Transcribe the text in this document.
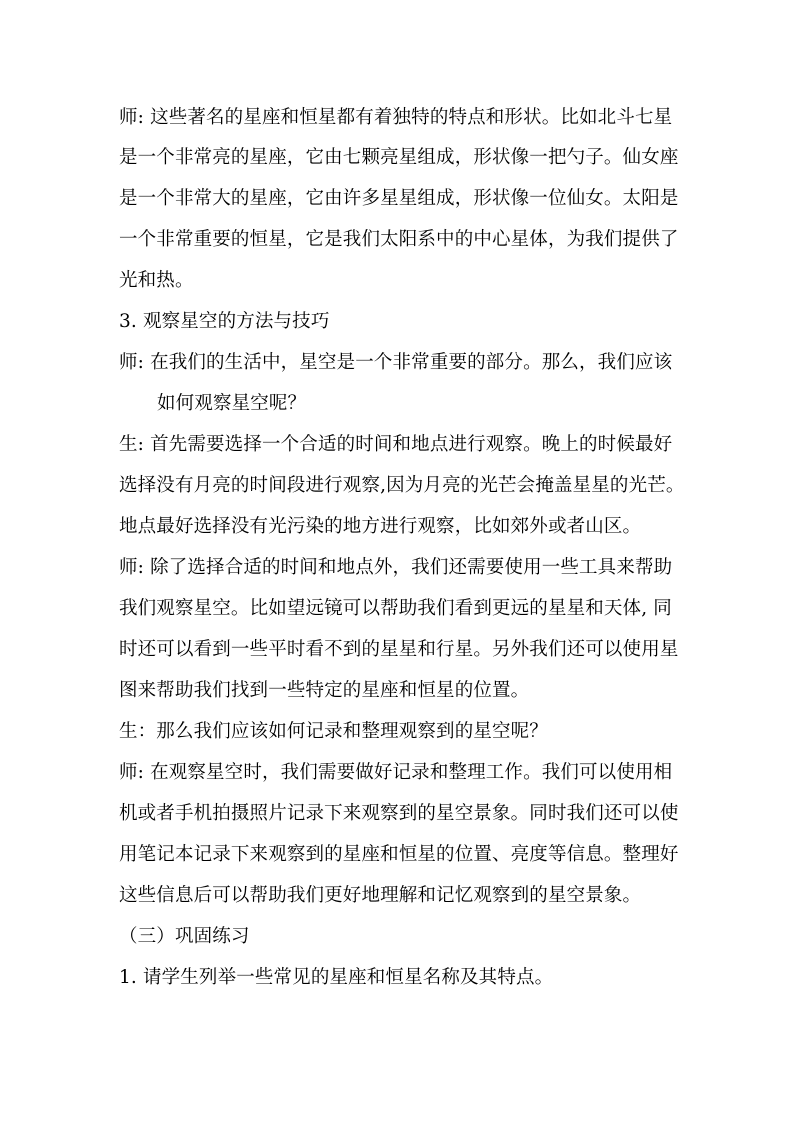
师: 这些著名的星座和恒星都有着独特的特点和形状。比如北斗七星
是一个非常亮的星座，它由七颗亮星组成，形状像一把勺子。仙女座
是一个非常大的星座，它由许多星星组成，形状像一位仙女。太阳是
一个非常重要的恒星，它是我们太阳系中的中心星体，为我们提供了
光和热。
3. 观察星空的方法与技巧
师: 在我们的生活中，星空是一个非常重要的部分。那么，我们应该
如何观察星空呢？
生: 首先需要选择一个合适的时间和地点进行观察。晚上的时候最好
选择没有月亮的时间段进行观察,因为月亮的光芒会掩盖星星的光芒。
地点最好选择没有光污染的地方进行观察，比如郊外或者山区。
师: 除了选择合适的时间和地点外，我们还需要使用一些工具来帮助
我们观察星空。比如望远镜可以帮助我们看到更远的星星和天体, 同
时还可以看到一些平时看不到的星星和行星。另外我们还可以使用星
图来帮助我们找到一些特定的星座和恒星的位置。
生：那么我们应该如何记录和整理观察到的星空呢？
师: 在观察星空时，我们需要做好记录和整理工作。我们可以使用相
机或者手机拍摄照片记录下来观察到的星空景象。同时我们还可以使
用笔记本记录下来观察到的星座和恒星的位置、亮度等信息。整理好
这些信息后可以帮助我们更好地理解和记忆观察到的星空景象。
（三）巩固练习
1. 请学生列举一些常见的星座和恒星名称及其特点。
